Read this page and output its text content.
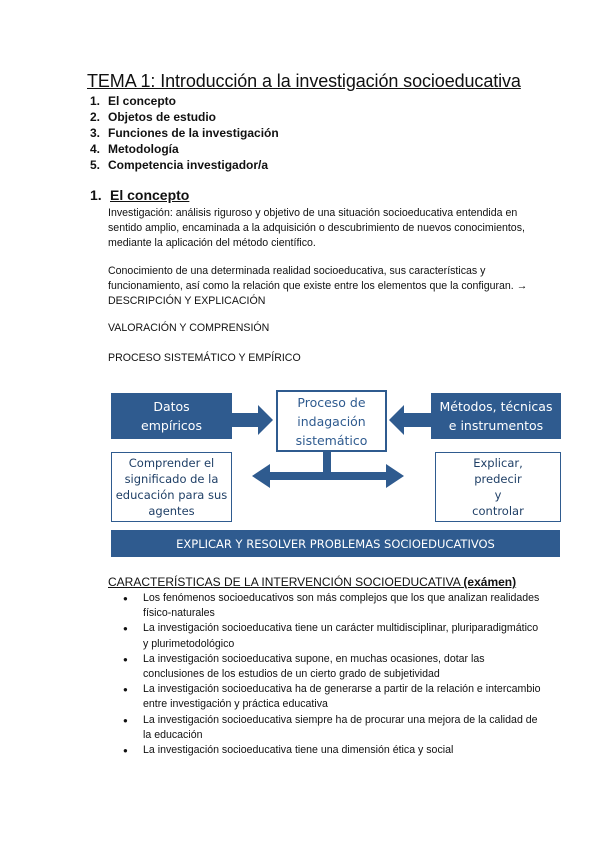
TEMA 1: Introducción a la investigación socioeducativa
1. El concepto
2. Objetos de estudio
3. Funciones de la investigación
4. Metodología
5. Competencia investigador/a
1. El concepto
Investigación: análisis riguroso y objetivo de una situación socioeducativa entendida en sentido amplio, encaminada a la adquisición o descubrimiento de nuevos conocimientos, mediante la aplicación del método científico.
Conocimiento de una determinada realidad socioeducativa, sus características y funcionamiento, así como la relación que existe entre los elementos que la configuran. → DESCRIPCIÓN Y EXPLICACIÓN
VALORACIÓN Y COMPRENSIÓN
PROCESO SISTEMÁTICO Y EMPÍRICO
Datos
empíricos
Proceso de
indagación
sistemático
Métodos, técnicas
e instrumentos
Comprender el
significado de la
educación para sus
agentes
Explicar,
predecir
y
controlar
EXPLICAR Y RESOLVER PROBLEMAS SOCIOEDUCATIVOS
CARACTERÍSTICAS DE LA INTERVENCIÓN SOCIOEDUCATIVA (exámen)
● Los fenómenos socioeducativos son más complejos que los que analizan realidades físico-naturales
● La investigación socioeducativa tiene un carácter multidisciplinar, pluriparadigmático y plurimetodológico
● La investigación socioeducativa supone, en muchas ocasiones, dotar las conclusiones de los estudios de un cierto grado de subjetividad
● La investigación socioeducativa ha de generarse a partir de la relación e intercambio entre investigación y práctica educativa
● La investigación socioeducativa siempre ha de procurar una mejora de la calidad de la educación
● La investigación socioeducativa tiene una dimensión ética y social
